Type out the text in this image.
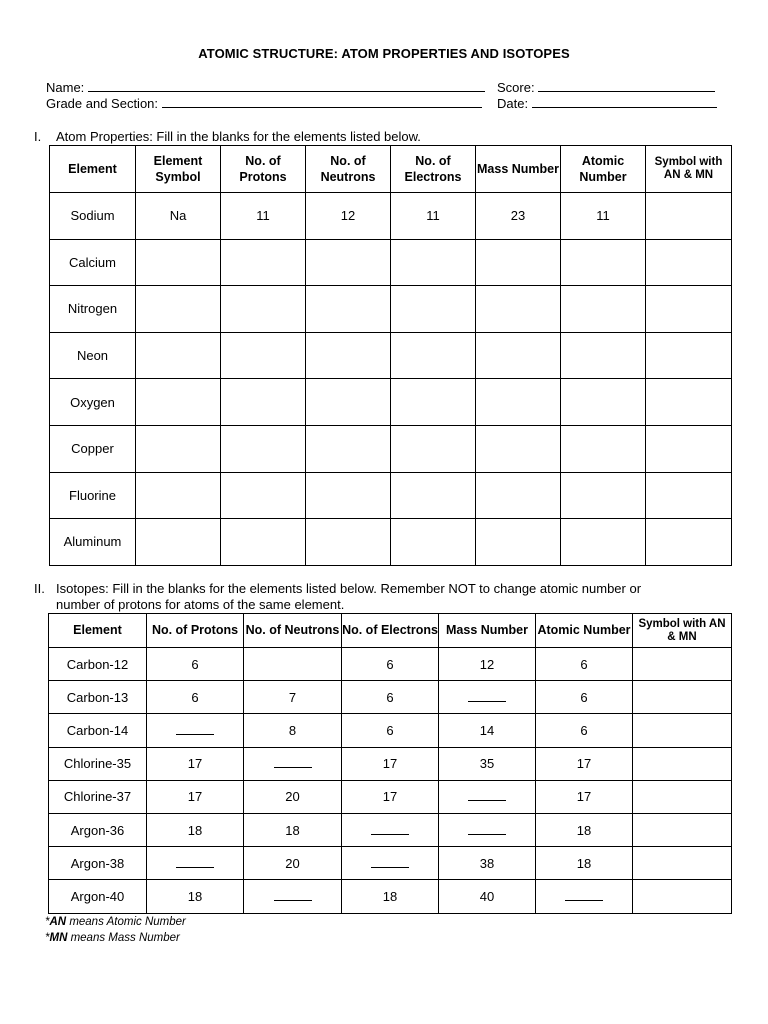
ATOMIC STRUCTURE: ATOM PROPERTIES AND ISOTOPES
Name:	Score:
Grade and Section:	Date:
I. Atom Properties: Fill in the blanks for the elements listed below.
Element	Element Symbol	No. of Protons	No. of Neutrons	No. of Electrons	Mass Number	Atomic Number	Symbol with AN & MN
Sodium	Na	11	12	11	23	11	
Calcium							
Nitrogen							
Neon							
Oxygen							
Copper							
Fluorine							
Aluminum							
II. Isotopes: Fill in the blanks for the elements listed below. Remember NOT to change atomic number or
number of protons for atoms of the same element.
Element	No. of Protons	No. of Neutrons	No. of Electrons	Mass Number	Atomic Number	Symbol with AN & MN
Carbon-12	6		6	12	6	
Carbon-13	6	7	6		6	
Carbon-14		8	6	14	6	
Chlorine-35	17		17	35	17	
Chlorine-37	17	20	17		17	
Argon-36	18	18			18	
Argon-38		20		38	18	
Argon-40	18		18	40		
*AN means Atomic Number
*MN means Mass Number
